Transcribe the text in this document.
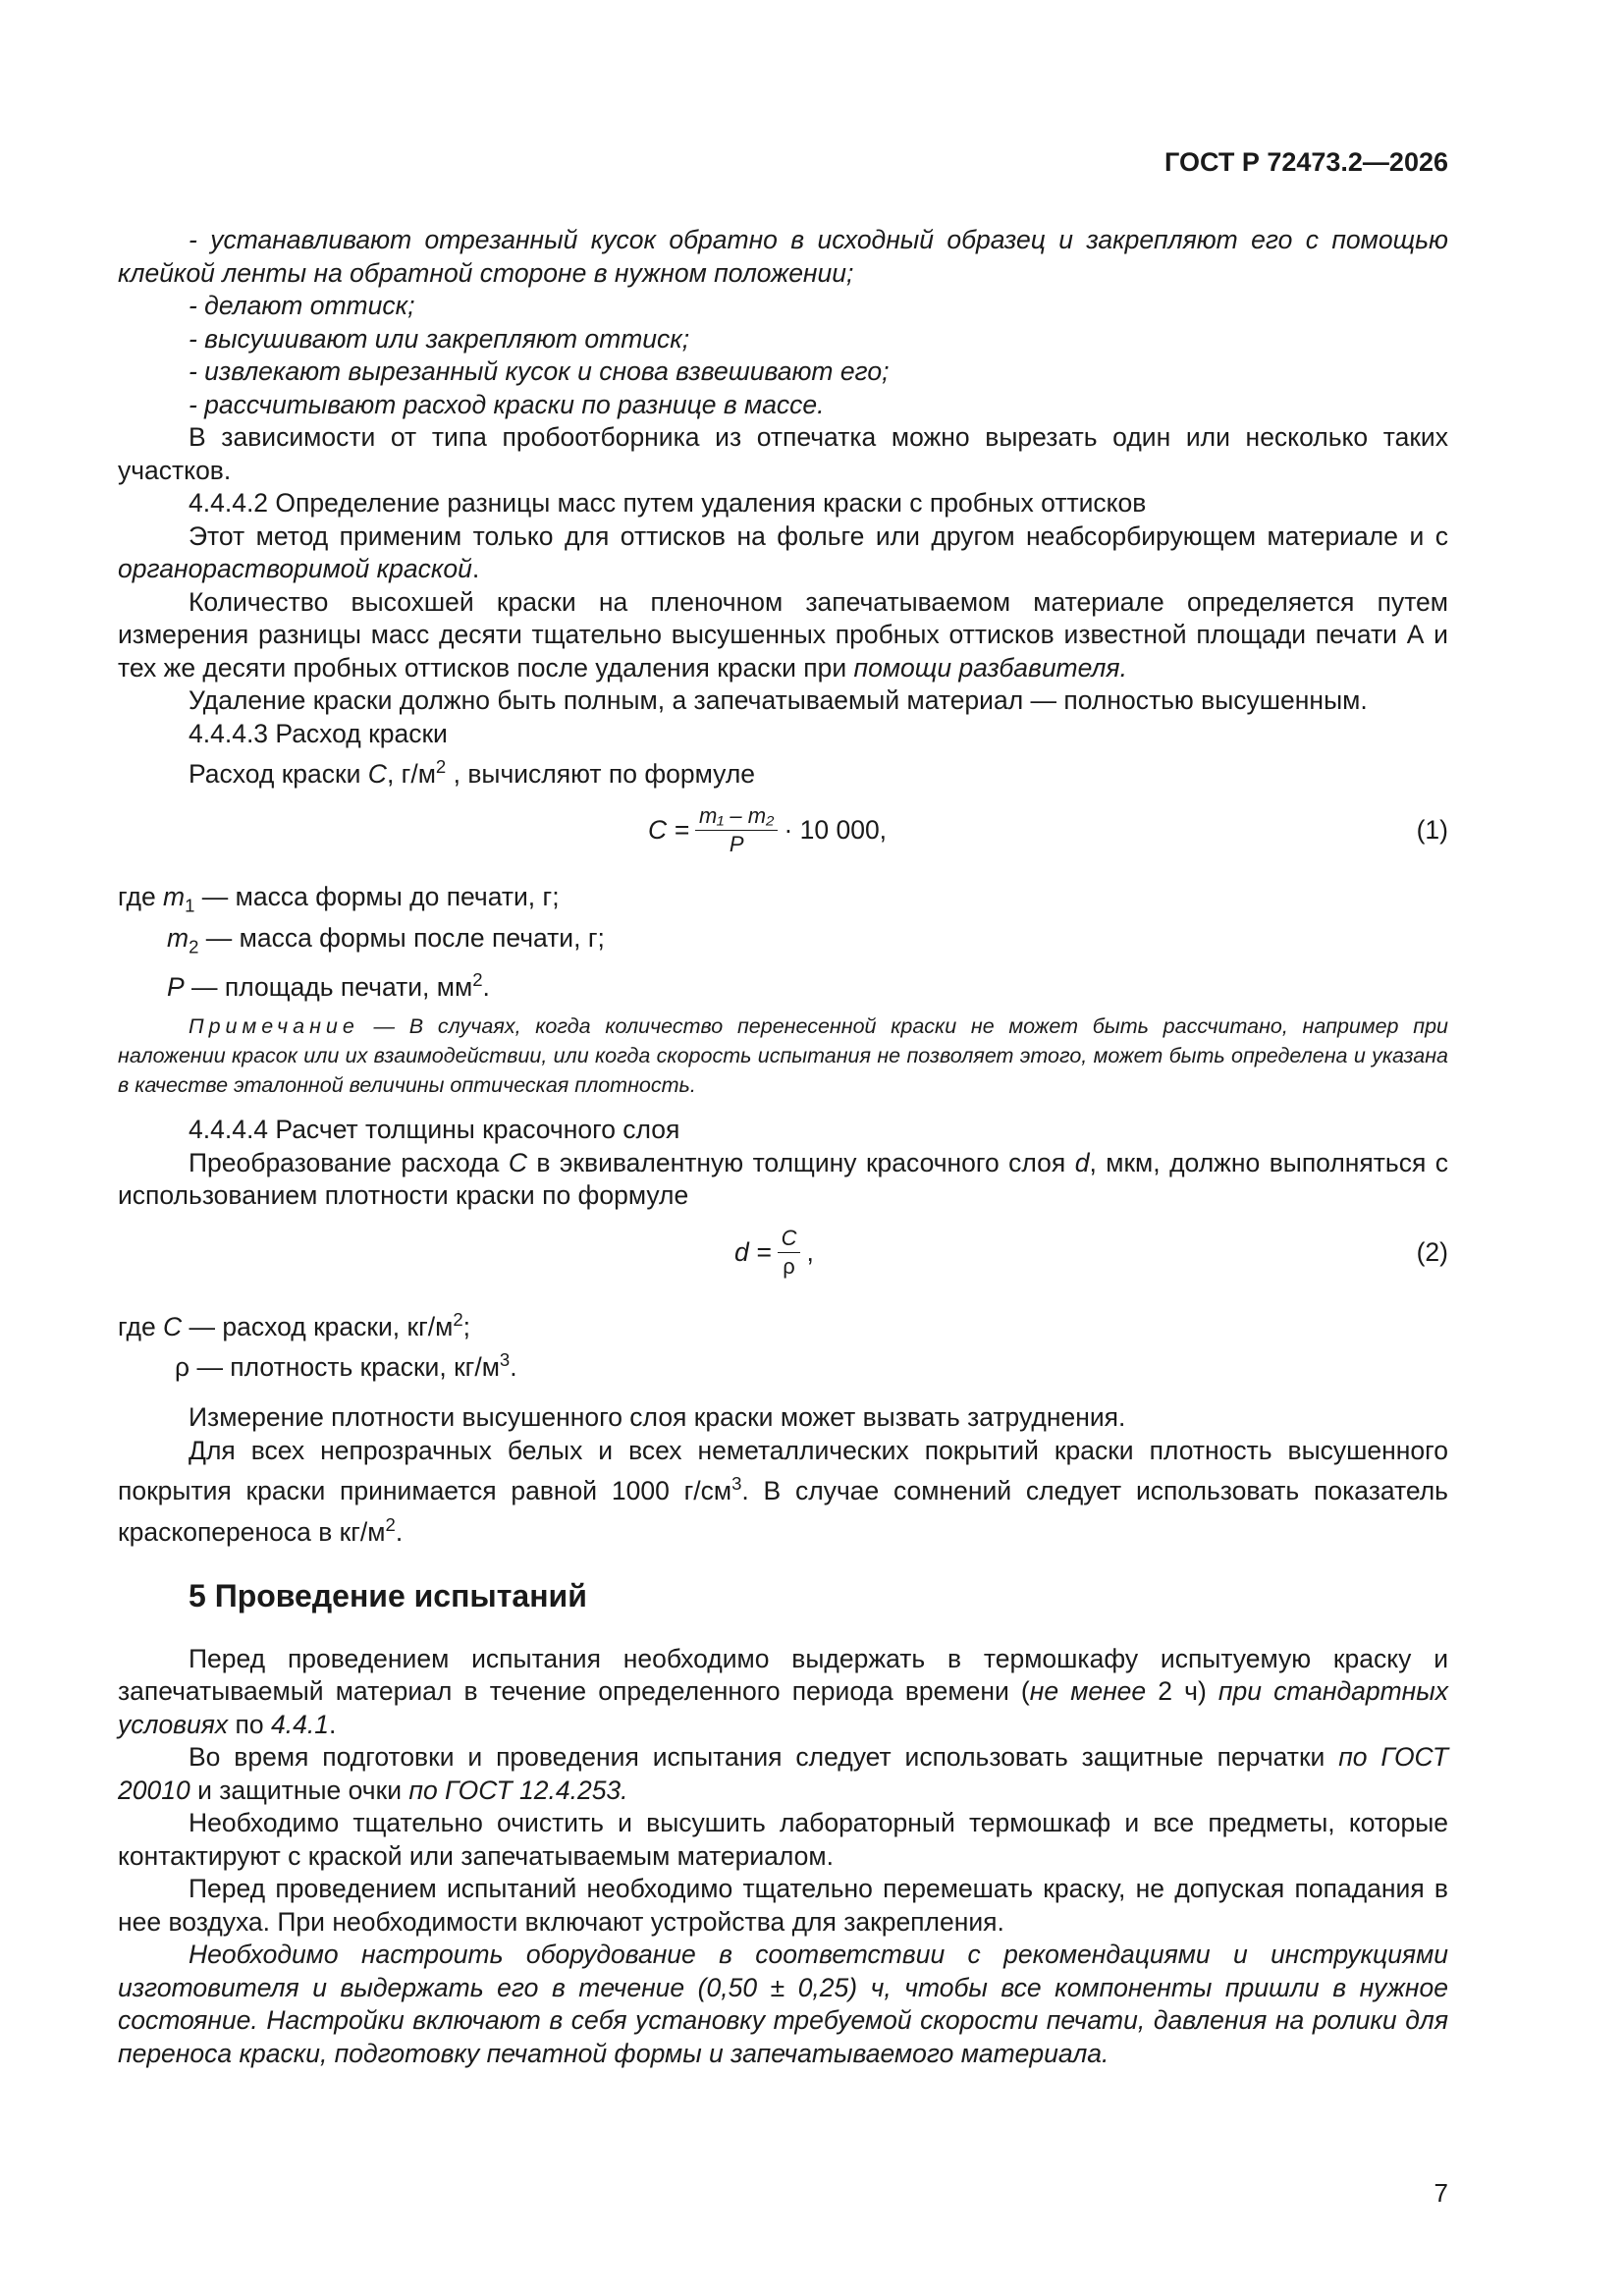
ГОСТ Р 72473.2—2026

- устанавливают отрезанный кусок обратно в исходный образец и закрепляют его с помощью клейкой ленты на обратной стороне в нужном положении;

- делают оттиск;

- высушивают или закрепляют оттиск;

- извлекают вырезанный кусок и снова взвешивают его;

- рассчитывают расход краски по разнице в массе.

В зависимости от типа пробоотборника из отпечатка можно вырезать один или несколько таких участков.

4.4.4.2 Определение разницы масс путем удаления краски с пробных оттисков

Этот метод применим только для оттисков на фольге или другом неабсорбирующем материале и с органорастворимой краской.

Количество высохшей краски на пленочном запечатываемом материале определяется путем измерения разницы масс десяти тщательно высушенных пробных оттисков известной площади печати А и тех же десяти пробных оттисков после удаления краски при помощи разбавителя.

Удаление краски должно быть полным, а запечатываемый материал — полностью высушенным.

4.4.4.3 Расход краски

Расход краски C, $г/м^2$ , вычисляют по формуле

$C = \frac{\text{m₁ – m₂}}{P} \cdot 10$ 000,	(1)

где $m_1$ — масса формы до печати, г;

$m_2$ — масса формы после печати, г;

P — площадь печати, $мм^2$.

Примечание — В случаях, когда количество перенесенной краски не может быть рассчитано, например при наложении красок или их взаимодействии, или когда скорость испытания не позволяет этого, может быть определена и указана в качестве эталонной величины оптическая плотность.

4.4.4.4 Расчет толщины красочного слоя

Преобразование расхода C в эквивалентную толщину красочного слоя d, мкм, должно выполняться с использованием плотности краски по формуле

$d = \frac{C}{\rho}$ ,	(2)

где C — расход краски, $кг/м^2$;

ρ — плотность краски, $кг/м^3$.

Измерение плотности высушенного слоя краски может вызвать затруднения.

Для всех непрозрачных белых и всех неметаллических покрытий краски плотность высушенного покрытия краски принимается равной 1000 $г/см^3$. В случае сомнений следует использовать показатель краскопереноса в $кг/м^2$.

5 Проведение испытаний

Перед проведением испытания необходимо выдержать в термошкафу испытуемую краску и запечатываемый материал в течение определенного периода времени (не менее 2 ч) при стандартных условиях по 4.4.1.

Во время подготовки и проведения испытания следует использовать защитные перчатки по ГОСТ 20010 и защитные очки по ГОСТ 12.4.253.

Необходимо тщательно очистить и высушить лабораторный термошкаф и все предметы, которые контактируют с краской или запечатываемым материалом.

Перед проведением испытаний необходимо тщательно перемешать краску, не допуская попадания в нее воздуха. При необходимости включают устройства для закрепления.

Необходимо настроить оборудование в соответствии с рекомендациями и инструкциями изготовителя и выдержать его в течение (0,50 ± 0,25) ч, чтобы все компоненты пришли в нужное состояние. Настройки включают в себя установку требуемой скорости печати, давления на ролики для переноса краски, подготовку печатной формы и запечатываемого материала.

7
